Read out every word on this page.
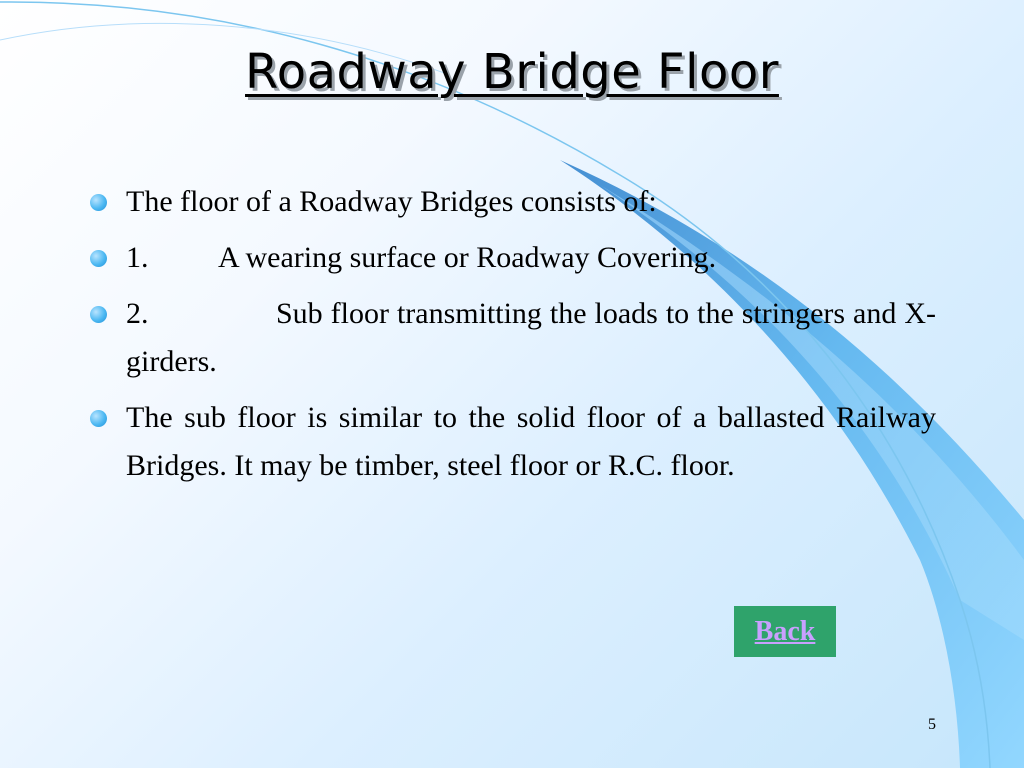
Roadway Bridge Floor
The floor of a Roadway Bridges consists of:
1. A wearing surface or Roadway Covering.
2.	Sub floor transmitting the loads to the stringers and X-girders.
The sub floor is similar to the solid floor of a ballasted Railway Bridges. It may be timber, steel floor or R.C. floor.
Back
5
